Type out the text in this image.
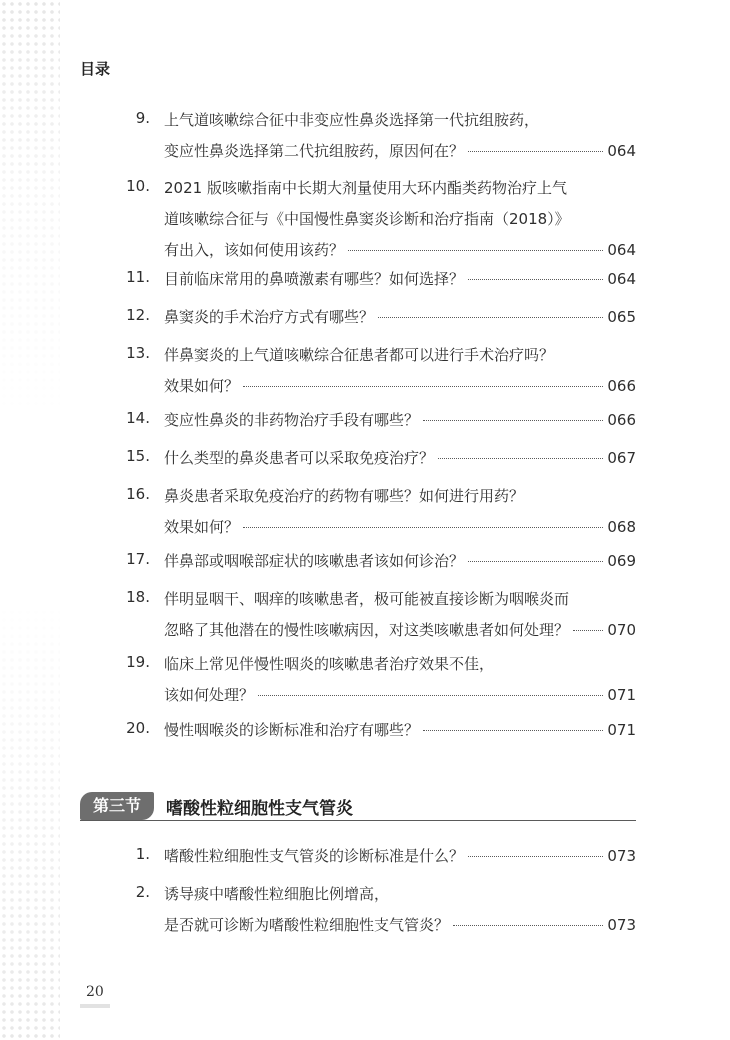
目录
9. 上气道咳嗽综合征中非变应性鼻炎选择第一代抗组胺药，
变应性鼻炎选择第二代抗组胺药，原因何在？	064
10. 2021 版咳嗽指南中长期大剂量使用大环内酯类药物治疗上气
道咳嗽综合征与《中国慢性鼻窦炎诊断和治疗指南（2018）》
有出入，该如何使用该药？	064
11. 目前临床常用的鼻喷激素有哪些？如何选择？	064
12. 鼻窦炎的手术治疗方式有哪些？	065
13. 伴鼻窦炎的上气道咳嗽综合征患者都可以进行手术治疗吗？
效果如何？	066
14. 变应性鼻炎的非药物治疗手段有哪些？	066
15. 什么类型的鼻炎患者可以采取免疫治疗？	067
16. 鼻炎患者采取免疫治疗的药物有哪些？如何进行用药？
效果如何？	068
17. 伴鼻部或咽喉部症状的咳嗽患者该如何诊治？	069
18. 伴明显咽干、咽痒的咳嗽患者，极可能被直接诊断为咽喉炎而
忽略了其他潜在的慢性咳嗽病因，对这类咳嗽患者如何处理？	070
19. 临床上常见伴慢性咽炎的咳嗽患者治疗效果不佳，
该如何处理？	071
20. 慢性咽喉炎的诊断标准和治疗有哪些？	071
第三节	嗜酸性粒细胞性支气管炎
1. 嗜酸性粒细胞性支气管炎的诊断标准是什么？	073
2. 诱导痰中嗜酸性粒细胞比例增高，
是否就可诊断为嗜酸性粒细胞性支气管炎？	073
20
